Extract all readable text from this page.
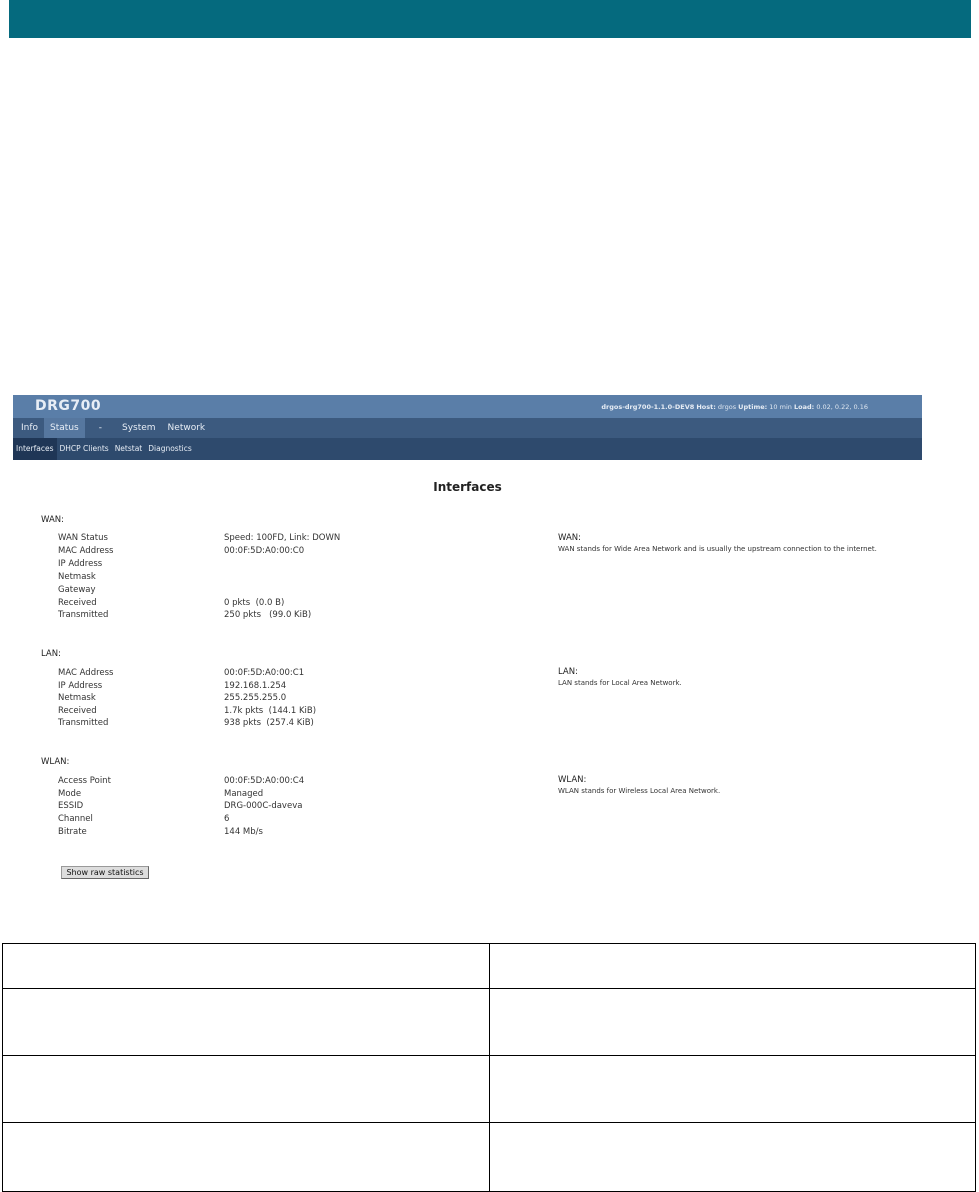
DRG700	drgos-drg700-1.1.0-DEV8 Host: drgos Uptime: 10 min Load: 0.02, 0.22, 0.16
Info	Status	-	System	Network
Interfaces DHCP Clients Netstat Diagnostics
Interfaces
WAN:
WAN Status	Speed: 100FD, Link: DOWN
MAC Address	00:0F:5D:A0:00:C0
IP Address
Netmask
Gateway
Received	0 pkts  (0.0 B)
Transmitted	250 pkts   (99.0 KiB)
WAN:
WAN stands for Wide Area Network and is usually the upstream connection to the internet.
LAN:
MAC Address	00:0F:5D:A0:00:C1
IP Address	192.168.1.254
Netmask	255.255.255.0
Received	1.7k pkts  (144.1 KiB)
Transmitted	938 pkts  (257.4 KiB)
LAN:
LAN stands for Local Area Network.
WLAN:
Access Point	00:0F:5D:A0:00:C4
Mode	Managed
ESSID	DRG-000C-daveva
Channel	6
Bitrate	144 Mb/s
WLAN:
WLAN stands for Wireless Local Area Network.
Show raw statistics
